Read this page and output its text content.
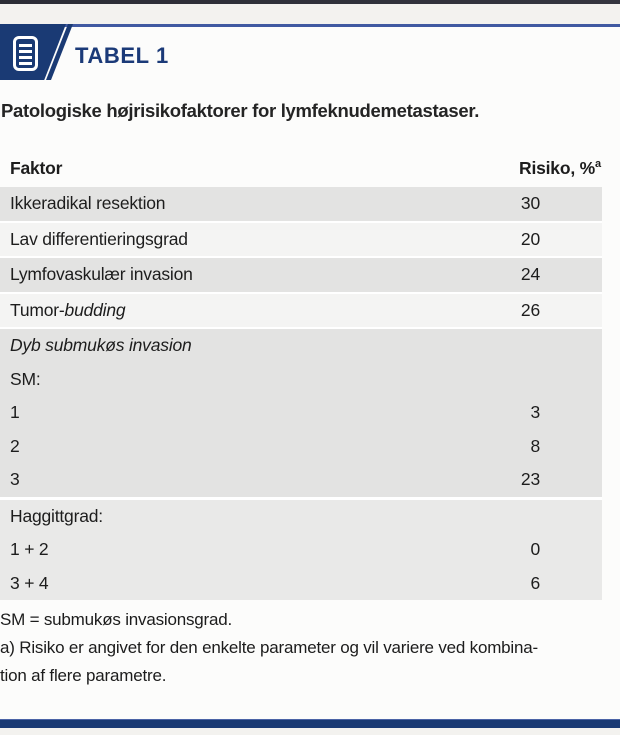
TABEL 1
Patologiske højrisikofaktorer for lymfeknudemetastaser.
Faktor	Risiko, %$^a$
Ikkeradikal resektion	30
Lav differentieringsgrad	20
Lymfovaskulær invasion	24
Tumor-budding	26
Dyb submukøs invasion
SM:
1	3
2	8
3	23
Haggittgrad:
1 + 2	0
3 + 4	6
SM = submukøs invasionsgrad.
a) Risiko er angivet for den enkelte parameter og vil variere ved kombina-
tion af flere parametre.
